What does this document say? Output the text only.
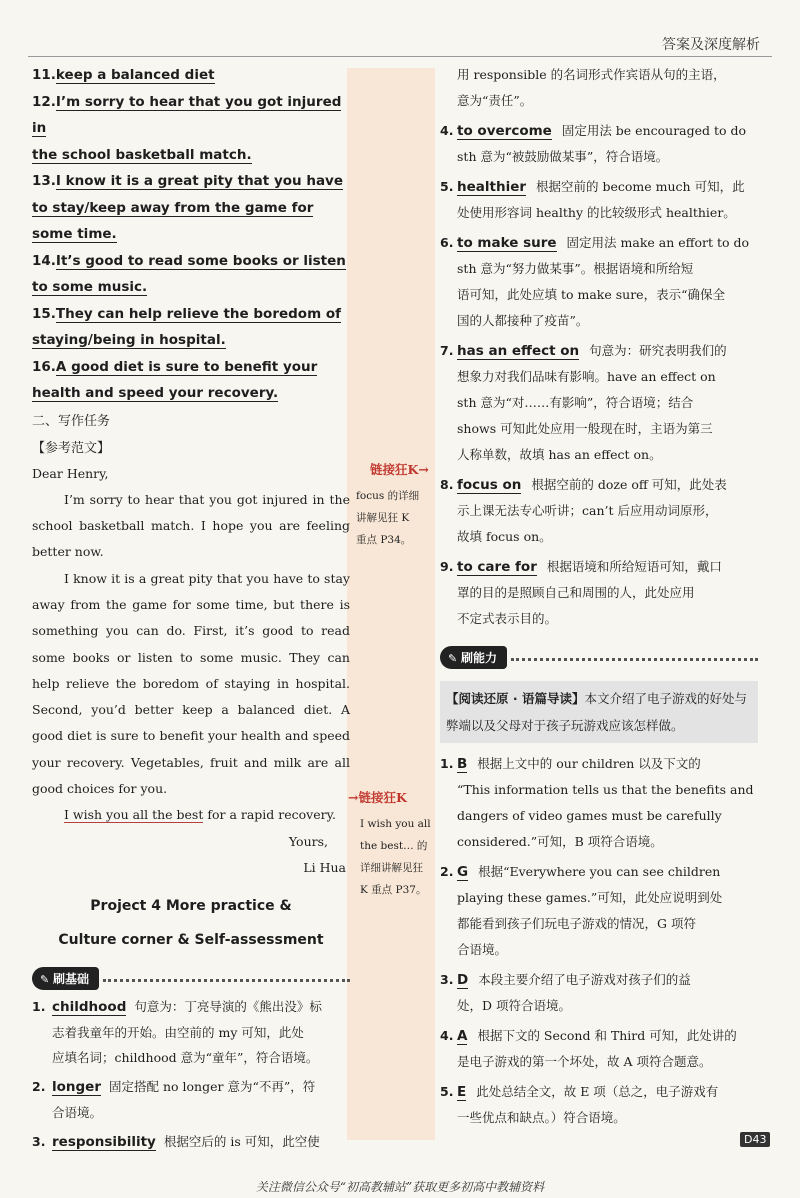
答案及深度解析
11.keep a balanced diet
12.I’m sorry to hear that you got injured in
the school basketball match.
13.I know it is a great pity that you have
to stay/keep away from the game for
some time.
14.It’s good to read some books or listen
to some music.
15.They can help relieve the boredom of
staying/being in hospital.
16.A good diet is sure to benefit your
health and speed your recovery.
二、写作任务
【参考范文】

Dear Henry,

I’m sorry to hear that you got injured in the school basketball match. I hope you are feeling better now.

I know it is a great pity that you have to stay away from the game for some time, but there is something you can do. First, it’s good to read some books or listen to some music. They can help relieve the boredom of staying in hospital. Second, you’d better keep a balanced diet. A good diet is sure to benefit your health and speed your recovery. Vegetables, fruit and milk are all good choices for you.

I wish you all the best for a rapid recovery.

Yours,

Li Hua

Project 4 More practice &
Culture corner & Self-assessment
✎ 刷基础
1. childhood 句意为：丁亮导演的《熊出没》标
志着我童年的开始。由空前的 my 可知，此处
应填名词；childhood 意为“童年”，符合语境。
2. longer 固定搭配 no longer 意为“不再”，符
合语境。
3. responsibility 根据空后的 is 可知，此空使
链接狂K→
focus 的详细
讲解见狂 K
重点 P34。
→链接狂K
I wish you all
the best… 的
详细讲解见狂
K 重点 P37。
用 responsible 的名词形式作宾语从句的主语，
意为“责任”。
4. to overcome 固定用法 be encouraged to do
sth 意为“被鼓励做某事”，符合语境。
5. healthier 根据空前的 become much 可知，此
处使用形容词 healthy 的比较级形式 healthier。
6. to make sure 固定用法 make an effort to do
sth 意为“努力做某事”。根据语境和所给短
语可知，此处应填 to make sure，表示“确保全
国的人都接种了疫苗”。
7. has an effect on 句意为：研究表明我们的
想象力对我们品味有影响。have an effect on
sth 意为“对……有影响”，符合语境；结合
shows 可知此处应用一般现在时，主语为第三
人称单数，故填 has an effect on。
8. focus on 根据空前的 doze off 可知，此处表
示上课无法专心听讲；can’t 后应用动词原形，
故填 focus on。
9. to care for 根据语境和所给短语可知，戴口
罩的目的是照顾自己和周围的人，此处应用
不定式表示目的。
✎ 刷能力
【阅读还原 · 语篇导读】本文介绍了电子游戏的好处与弊端以及父母对于孩子玩游戏应该怎样做。
1. B 根据上文中的 our children 以及下文的
“This information tells us that the benefits and
dangers of video games must be carefully
considered.”可知，B 项符合语境。
2. G 根据“Everywhere you can see children
playing these games.”可知，此处应说明到处
都能看到孩子们玩电子游戏的情况，G 项符
合语境。
3. D 本段主要介绍了电子游戏对孩子们的益
处，D 项符合语境。
4. A 根据下文的 Second 和 Third 可知，此处讲的
是电子游戏的第一个坏处，故 A 项符合题意。
5. E 此处总结全文，故 E 项（总之，电子游戏有
一些优点和缺点。）符合语境。
D43
关注微信公众号“初高教辅站”获取更多初高中教辅资料
